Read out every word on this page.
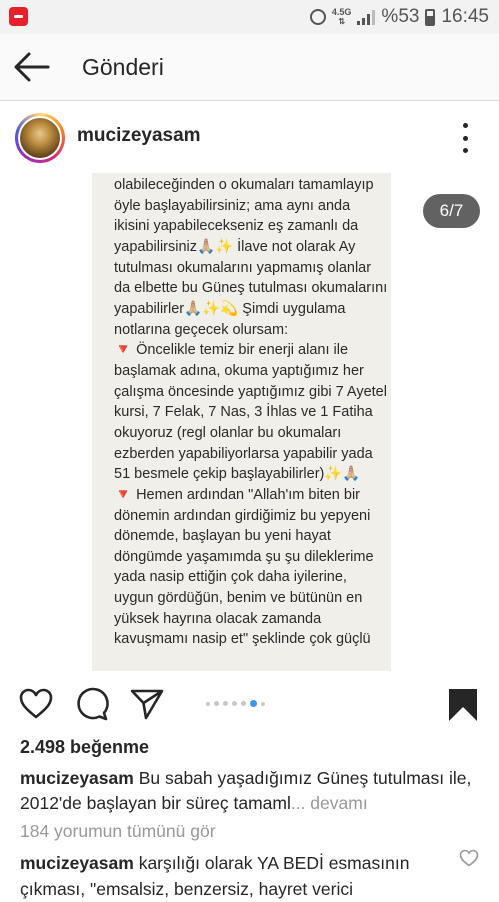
4.5G
⇅ %53 16:45
Gönderi
mucizeyasam
olabileceğinden o okumaları tamamlayıp
öyle başlayabilirsiniz; ama aynı anda
ikisini yapabilecekseniz eş zamanlı da
yapabilirsiniz🙏🏼✨ İlave not olarak Ay
tutulması okumalarını yapmamış olanlar
da elbette bu Güneş tutulması okumalarını
yapabilirler🙏🏼✨💫 Şimdi uygulama
notlarına geçecek olursam:
🔻 Öncelikle temiz bir enerji alanı ile
başlamak adına, okuma yaptığımız her
çalışma öncesinde yaptığımız gibi 7 Ayetel
kursi, 7 Felak, 7 Nas, 3 İhlas ve 1 Fatiha
okuyoruz (regl olanlar bu okumaları
ezberden yapabiliyorlarsa yapabilir yada
51 besmele çekip başlayabilirler)✨🙏🏼
🔻 Hemen ardından "Allah'ım biten bir
dönemin ardından girdiğimiz bu yepyeni
dönemde, başlayan bu yeni hayat
döngümde yaşamımda şu şu dileklerime
yada nasip ettiğin çok daha iyilerine,
uygun gördüğün, benim ve bütünün en
yüksek hayrına olacak zamanda
kavuşmamı nasip et" şeklinde çok güçlü
6/7
2.498 beğenme
mucizeyasam Bu sabah yaşadığımız Güneş tutulması ile, 2012'de başlayan bir süreç tamaml... devamı
184 yorumun tümünü gör
mucizeyasam karşılığı olarak YA BEDİ esmasının çıkması, "emsalsiz, benzersiz, hayret verici
